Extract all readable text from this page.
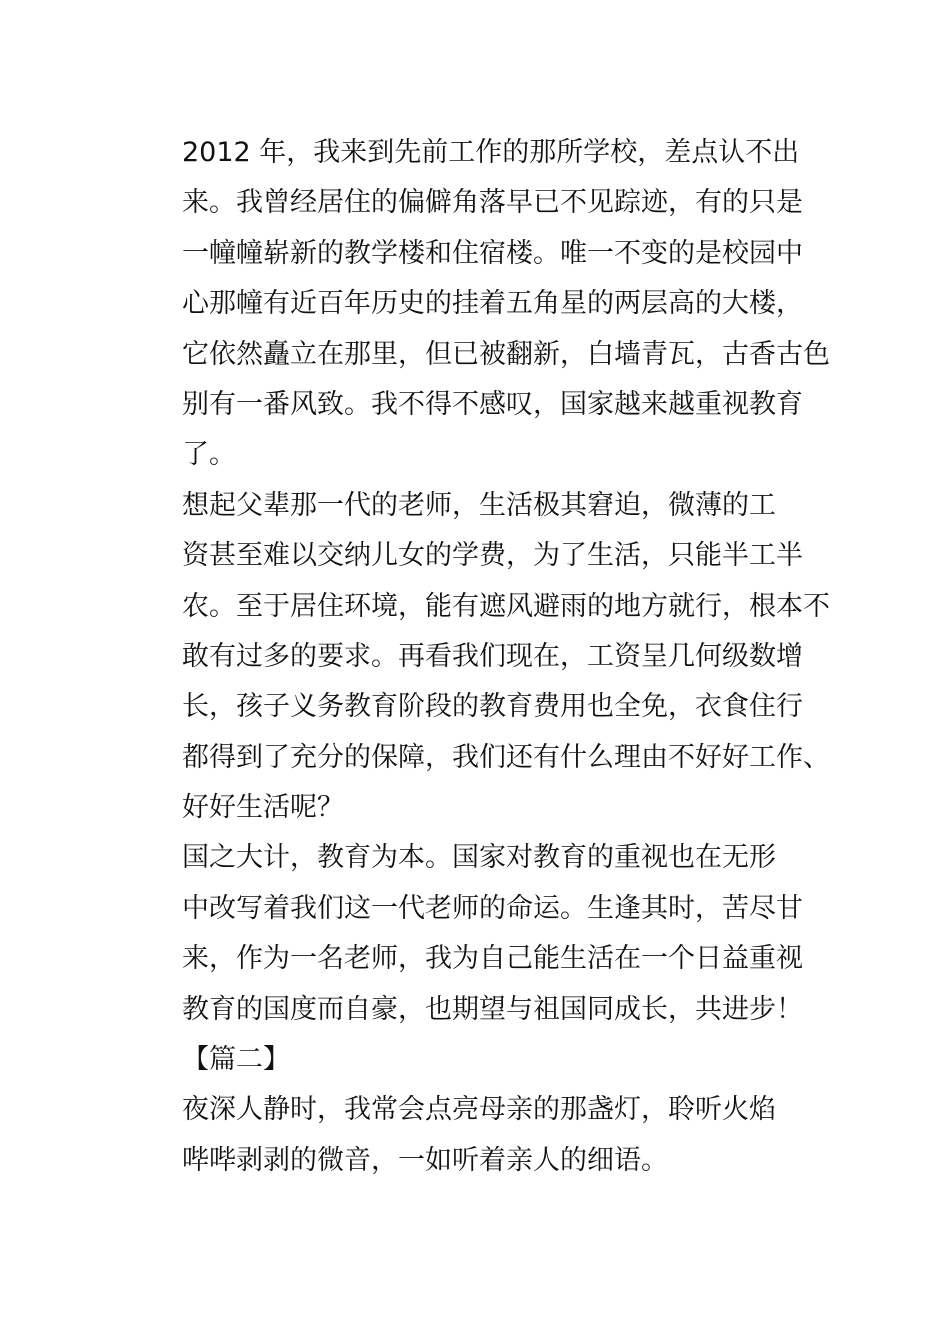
2012 年，我来到先前工作的那所学校，差点认不出
来。我曾经居住的偏僻角落早已不见踪迹，有的只是
一幢幢崭新的教学楼和住宿楼。唯一不变的是校园中
心那幢有近百年历史的挂着五角星的两层高的大楼，
它依然矗立在那里，但已被翻新，白墙青瓦，古香古色
别有一番风致。我不得不感叹，国家越来越重视教育
了。
想起父辈那一代的老师，生活极其窘迫，微薄的工
资甚至难以交纳儿女的学费，为了生活，只能半工半
农。至于居住环境，能有遮风避雨的地方就行，根本不
敢有过多的要求。再看我们现在，工资呈几何级数增
长，孩子义务教育阶段的教育费用也全免，衣食住行
都得到了充分的保障，我们还有什么理由不好好工作、
好好生活呢？
国之大计，教育为本。国家对教育的重视也在无形
中改写着我们这一代老师的命运。生逢其时，苦尽甘
来，作为一名老师，我为自己能生活在一个日益重视
教育的国度而自豪，也期望与祖国同成长，共进步！
【篇二】
夜深人静时，我常会点亮母亲的那盏灯，聆听火焰
哔哔剥剥的微音，一如听着亲人的细语。
